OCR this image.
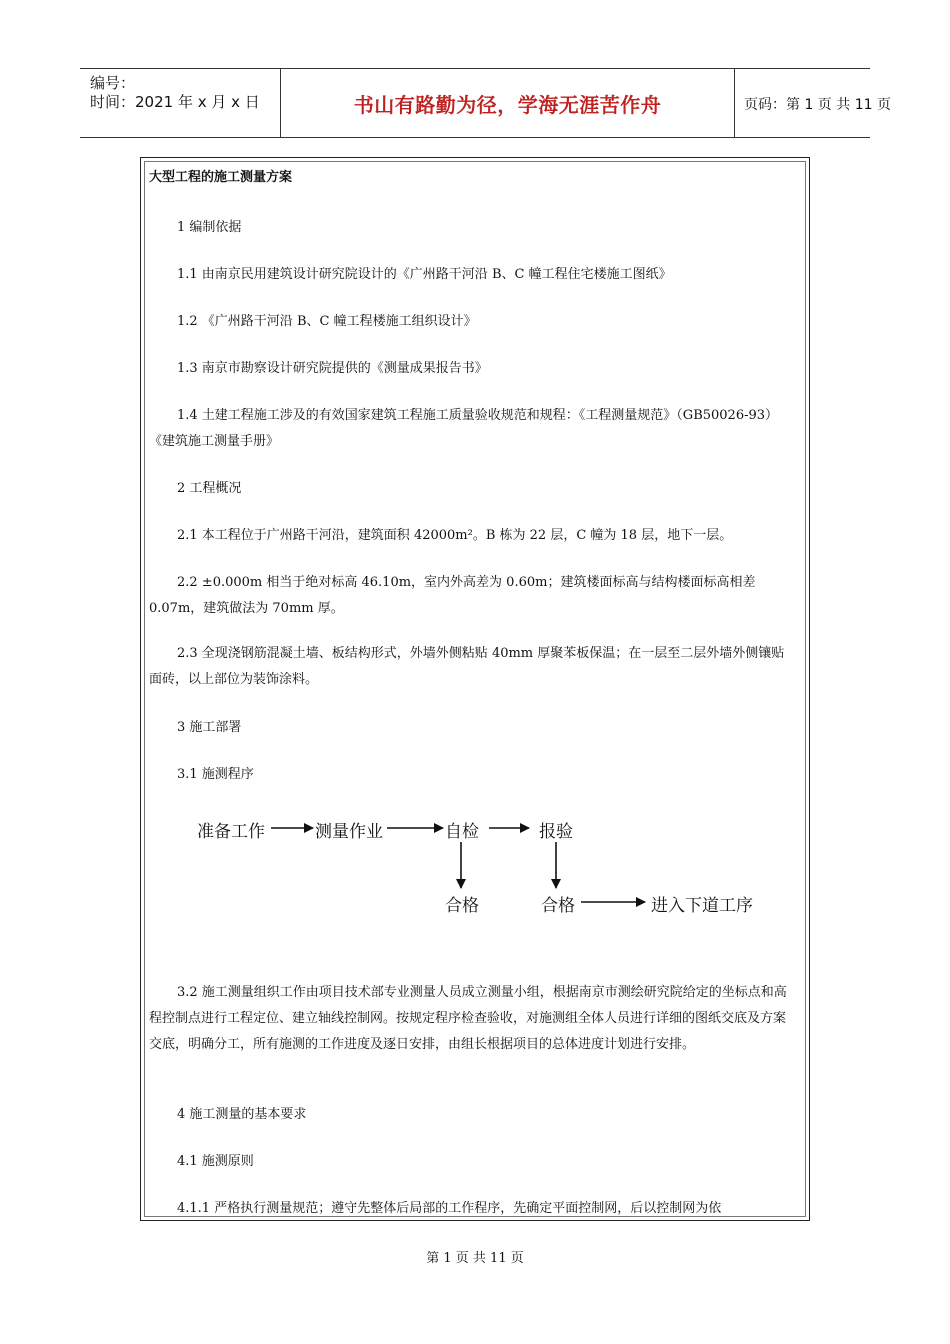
编号：
时间：2021 年 x 月 x 日	书山有路勤为径，学海无涯苦作舟	页码：第 1 页 共 11 页
大型工程的施工测量方案
1 编制依据
1.1 由南京民用建筑设计研究院设计的《广州路干河沿 B、C 幢工程住宅楼施工图纸》
1.2 《广州路干河沿 B、C 幢工程楼施工组织设计》
1.3 南京市勘察设计研究院提供的《测量成果报告书》
1.4 土建工程施工涉及的有效国家建筑工程施工质量验收规范和规程：《工程测量规范》（GB50026-93） 《建筑施工测量手册》
2 工程概况
2.1 本工程位于广州路干河沿，建筑面积 42000m²。B 栋为 22 层，C 幢为 18 层，地下一层。
2.2 ±0.000m 相当于绝对标高 46.10m，室内外高差为 0.60m；建筑楼面标高与结构楼面标高相差 0.07m，建筑做法为 70mm 厚。
2.3 全现浇钢筋混凝土墙、板结构形式，外墙外侧粘贴 40mm 厚聚苯板保温；在一层至二层外墙外侧镶贴面砖，以上部位为装饰涂料。
3 施工部署
3.1 施测程序
准备工作	测量作业	自检	报验
合格	合格	进入下道工序
3.2 施工测量组织工作由项目技术部专业测量人员成立测量小组，根据南京市测绘研究院给定的坐标点和高程控制点进行工程定位、建立轴线控制网。按规定程序检查验收，对施测组全体人员进行详细的图纸交底及方案交底，明确分工，所有施测的工作进度及逐日安排，由组长根据项目的总体进度计划进行安排。
4 施工测量的基本要求
4.1 施测原则
4.1.1 严格执行测量规范；遵守先整体后局部的工作程序，先确定平面控制网，后以控制网为依
第 1 页 共 11 页
